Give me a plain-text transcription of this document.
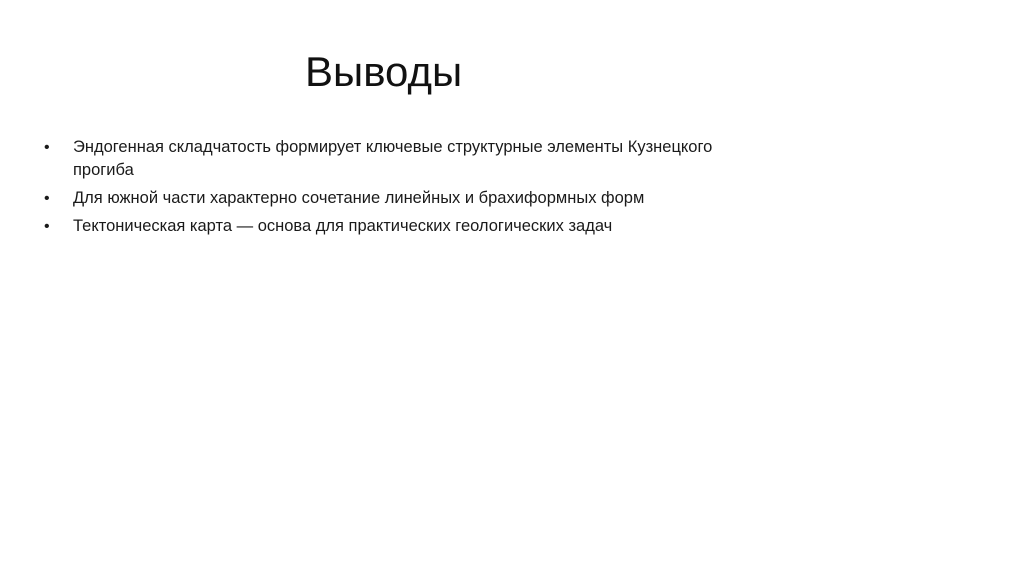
Выводы
•	Эндогенная складчатость формирует ключевые структурные элементы Кузнецкого прогиба
•	Для южной части характерно сочетание линейных и брахиформных форм
•	Тектоническая карта — основа для практических геологических задач
